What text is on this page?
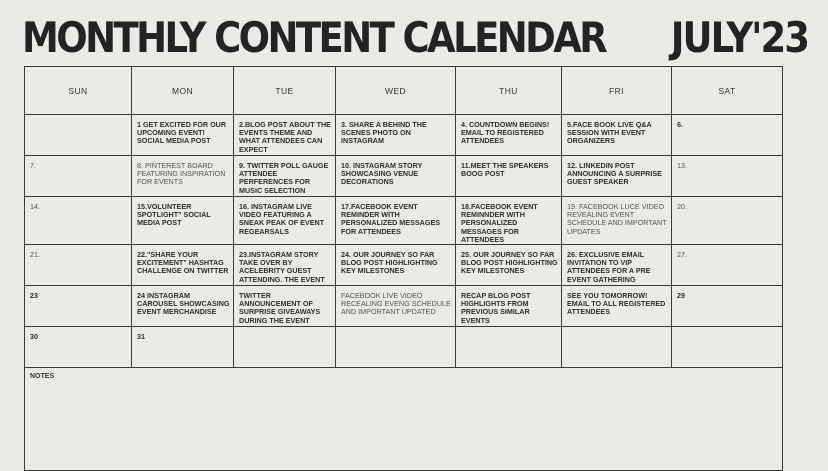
MONTHLY CONTENT CALENDAR JULY'23
SUN	MON	TUE	WED	THU	FRI	SAT

	1 GET EXCITED FOR OUR UPCOMING EVENT! SOCIAL MEDIA POST	2.BLOG POST ABOUT THE EVENTS THEME AND WHAT ATTENDEES CAN EXPECT	3. SHARE A BEHIND THE SCENES PHOTO ON INSTAGRAM	4. COUNTDOWN BEGINS! EMAIL TO REGISTERED ATTENDEES	5.FACE BOOK LIVE Q&A SESSION WITH EVENT ORGANIZERS	6.

7.	8. PINTEREST BOARD FEATURING INSPIRATION FOR EVENTS	9. TWITTER POLL GAUGE ATTENDEE PERFERENCES FOR MUSIC SELECTION	10. INSTAGRAM STORY SHOWCASING VENUE DECORATIONS	11.MEET THE SPEAKERS BOOG POST	12. LINKEDIN POST ANNOUNCING A SURPRISE GUEST SPEAKER	13.

14.	15.VOLUNTEER SPOTLIGHT" SOCIAL MEDIA POST	16. INSTAGRAM LIVE VIDEO FEATURING A SNEAK PEAK OF EVENT REGEARSALS	17.FACEBOOK EVENT REMINDER WITH PERSONALIZED MESSAGES FOR ATTENDEES	18.FACEBOOK EVENT REMINNDER WITH PERSONALIZED MESSAGES FOR ATTENDEES	19. FACEBOOK LUCE VIDEO REVEALING EVENT SCHEDULE AND IMPORTANT UPDATES	20.

21.	22."SHARE YOUR EXCITEMENT" HASHTAG CHALLENGE ON TWITTER	23.INSTAGRAM STORY TAKE OVER BY ACELEBRITY GUEST ATTENDING. THE EVENT	24. OUR JOURNEY SO FAR BLOG POST HIGHLIGHTING KEY MILESTONES	25. OUR JOURNEY SO FAR BLOG POST HIGHLIGHTING KEY MILESTONES	26. EXCLUSIVE EMAIL INVITATION TO VIP ATTENDEES FOR A PRE EVENT GATHERING	27.

23	24 INSTAGRAM CAROUSEL SHOWCASING EVENT MERCHANDISE	TWITTER ANNOUNCEMENT OF SURPRISE GIVEAWAYS DURING THE EVENT	FACEBOOK LIVE VIDEO RECEALING EVENG SCHEDULE AND IMPORTANT UPDATED	RECAP BLOG POST HIGHLIGHTS FROM PREVIOUS SIMILAR EVENTS	SEE YOU TOMORROW! EMAIL TO ALL REGISTERED ATTENDEES	29

30	31					

NOTES						
